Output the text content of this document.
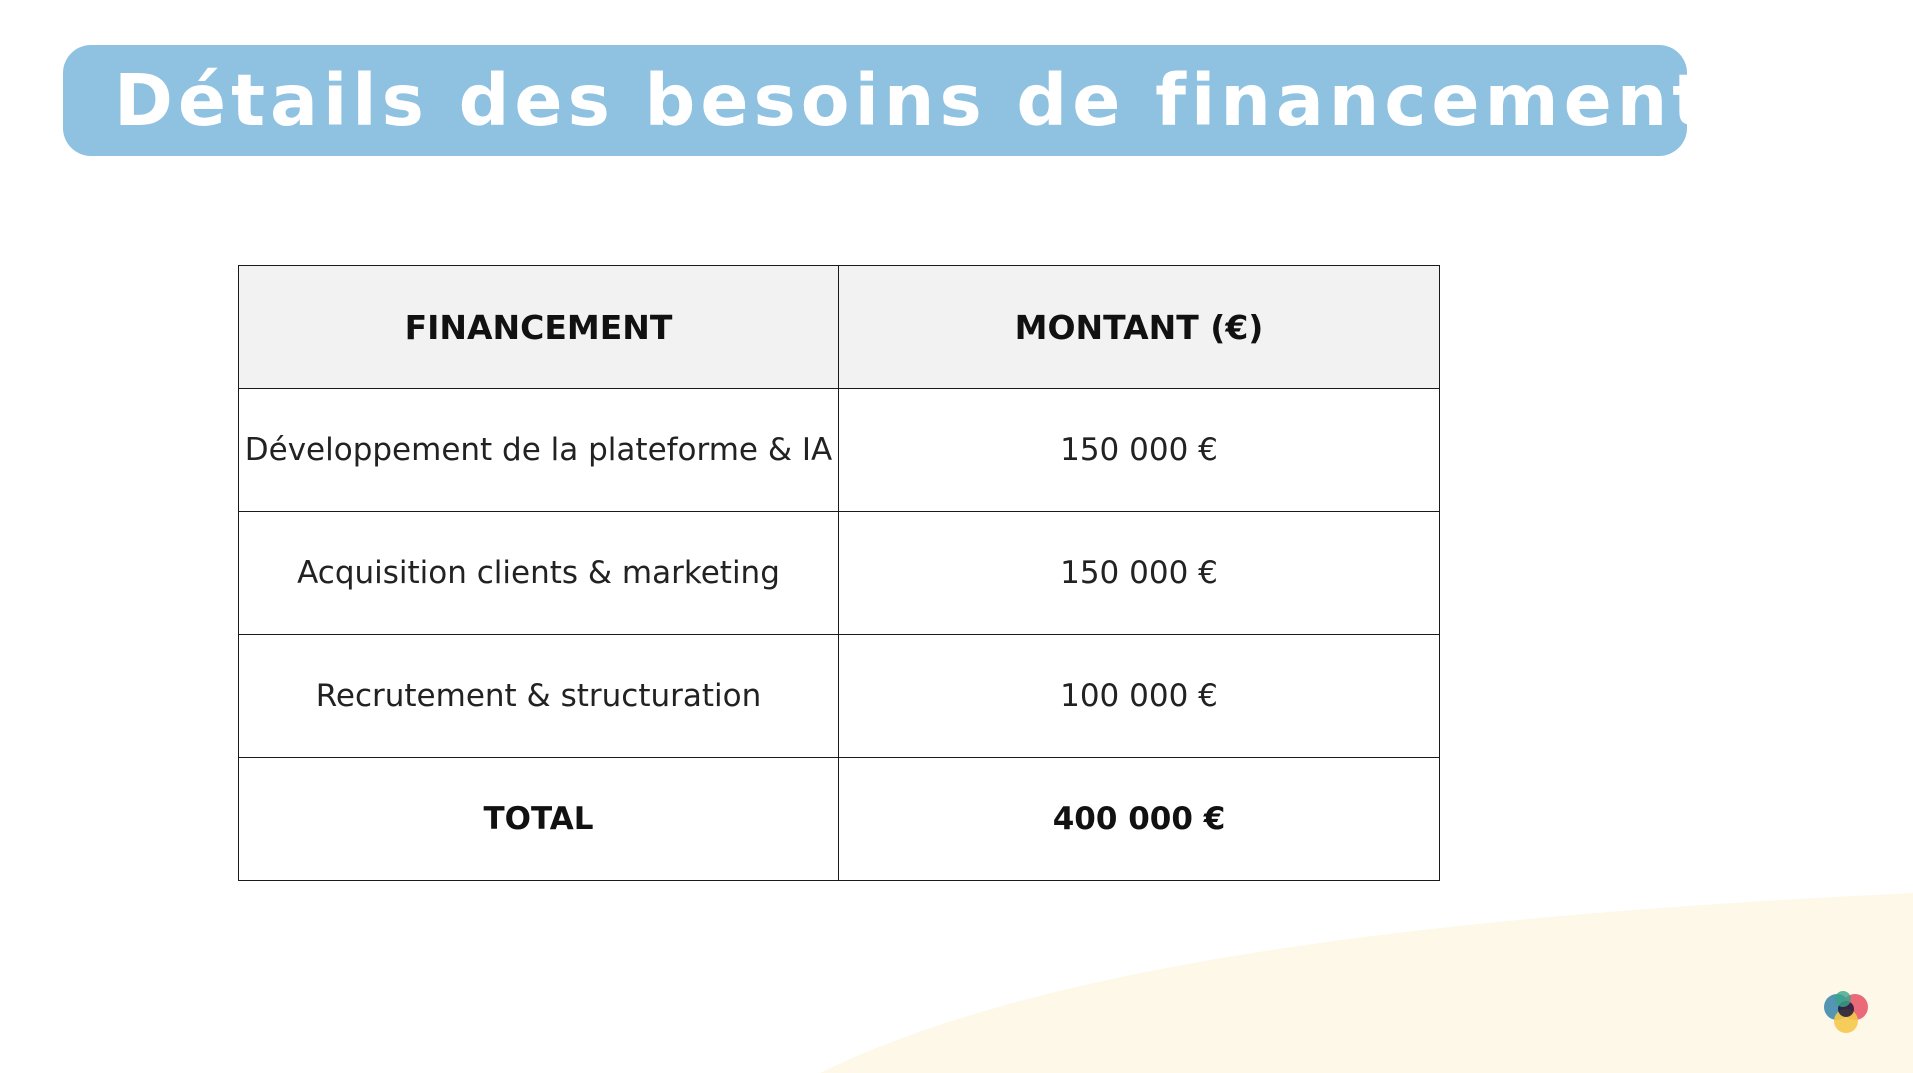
Détails des besoins de financement
FINANCEMENT	MONTANT (€)
Développement de la plateforme & IA	150 000 €
Acquisition clients & marketing	150 000 €
Recrutement & structuration	100 000 €
TOTAL	400 000 €
